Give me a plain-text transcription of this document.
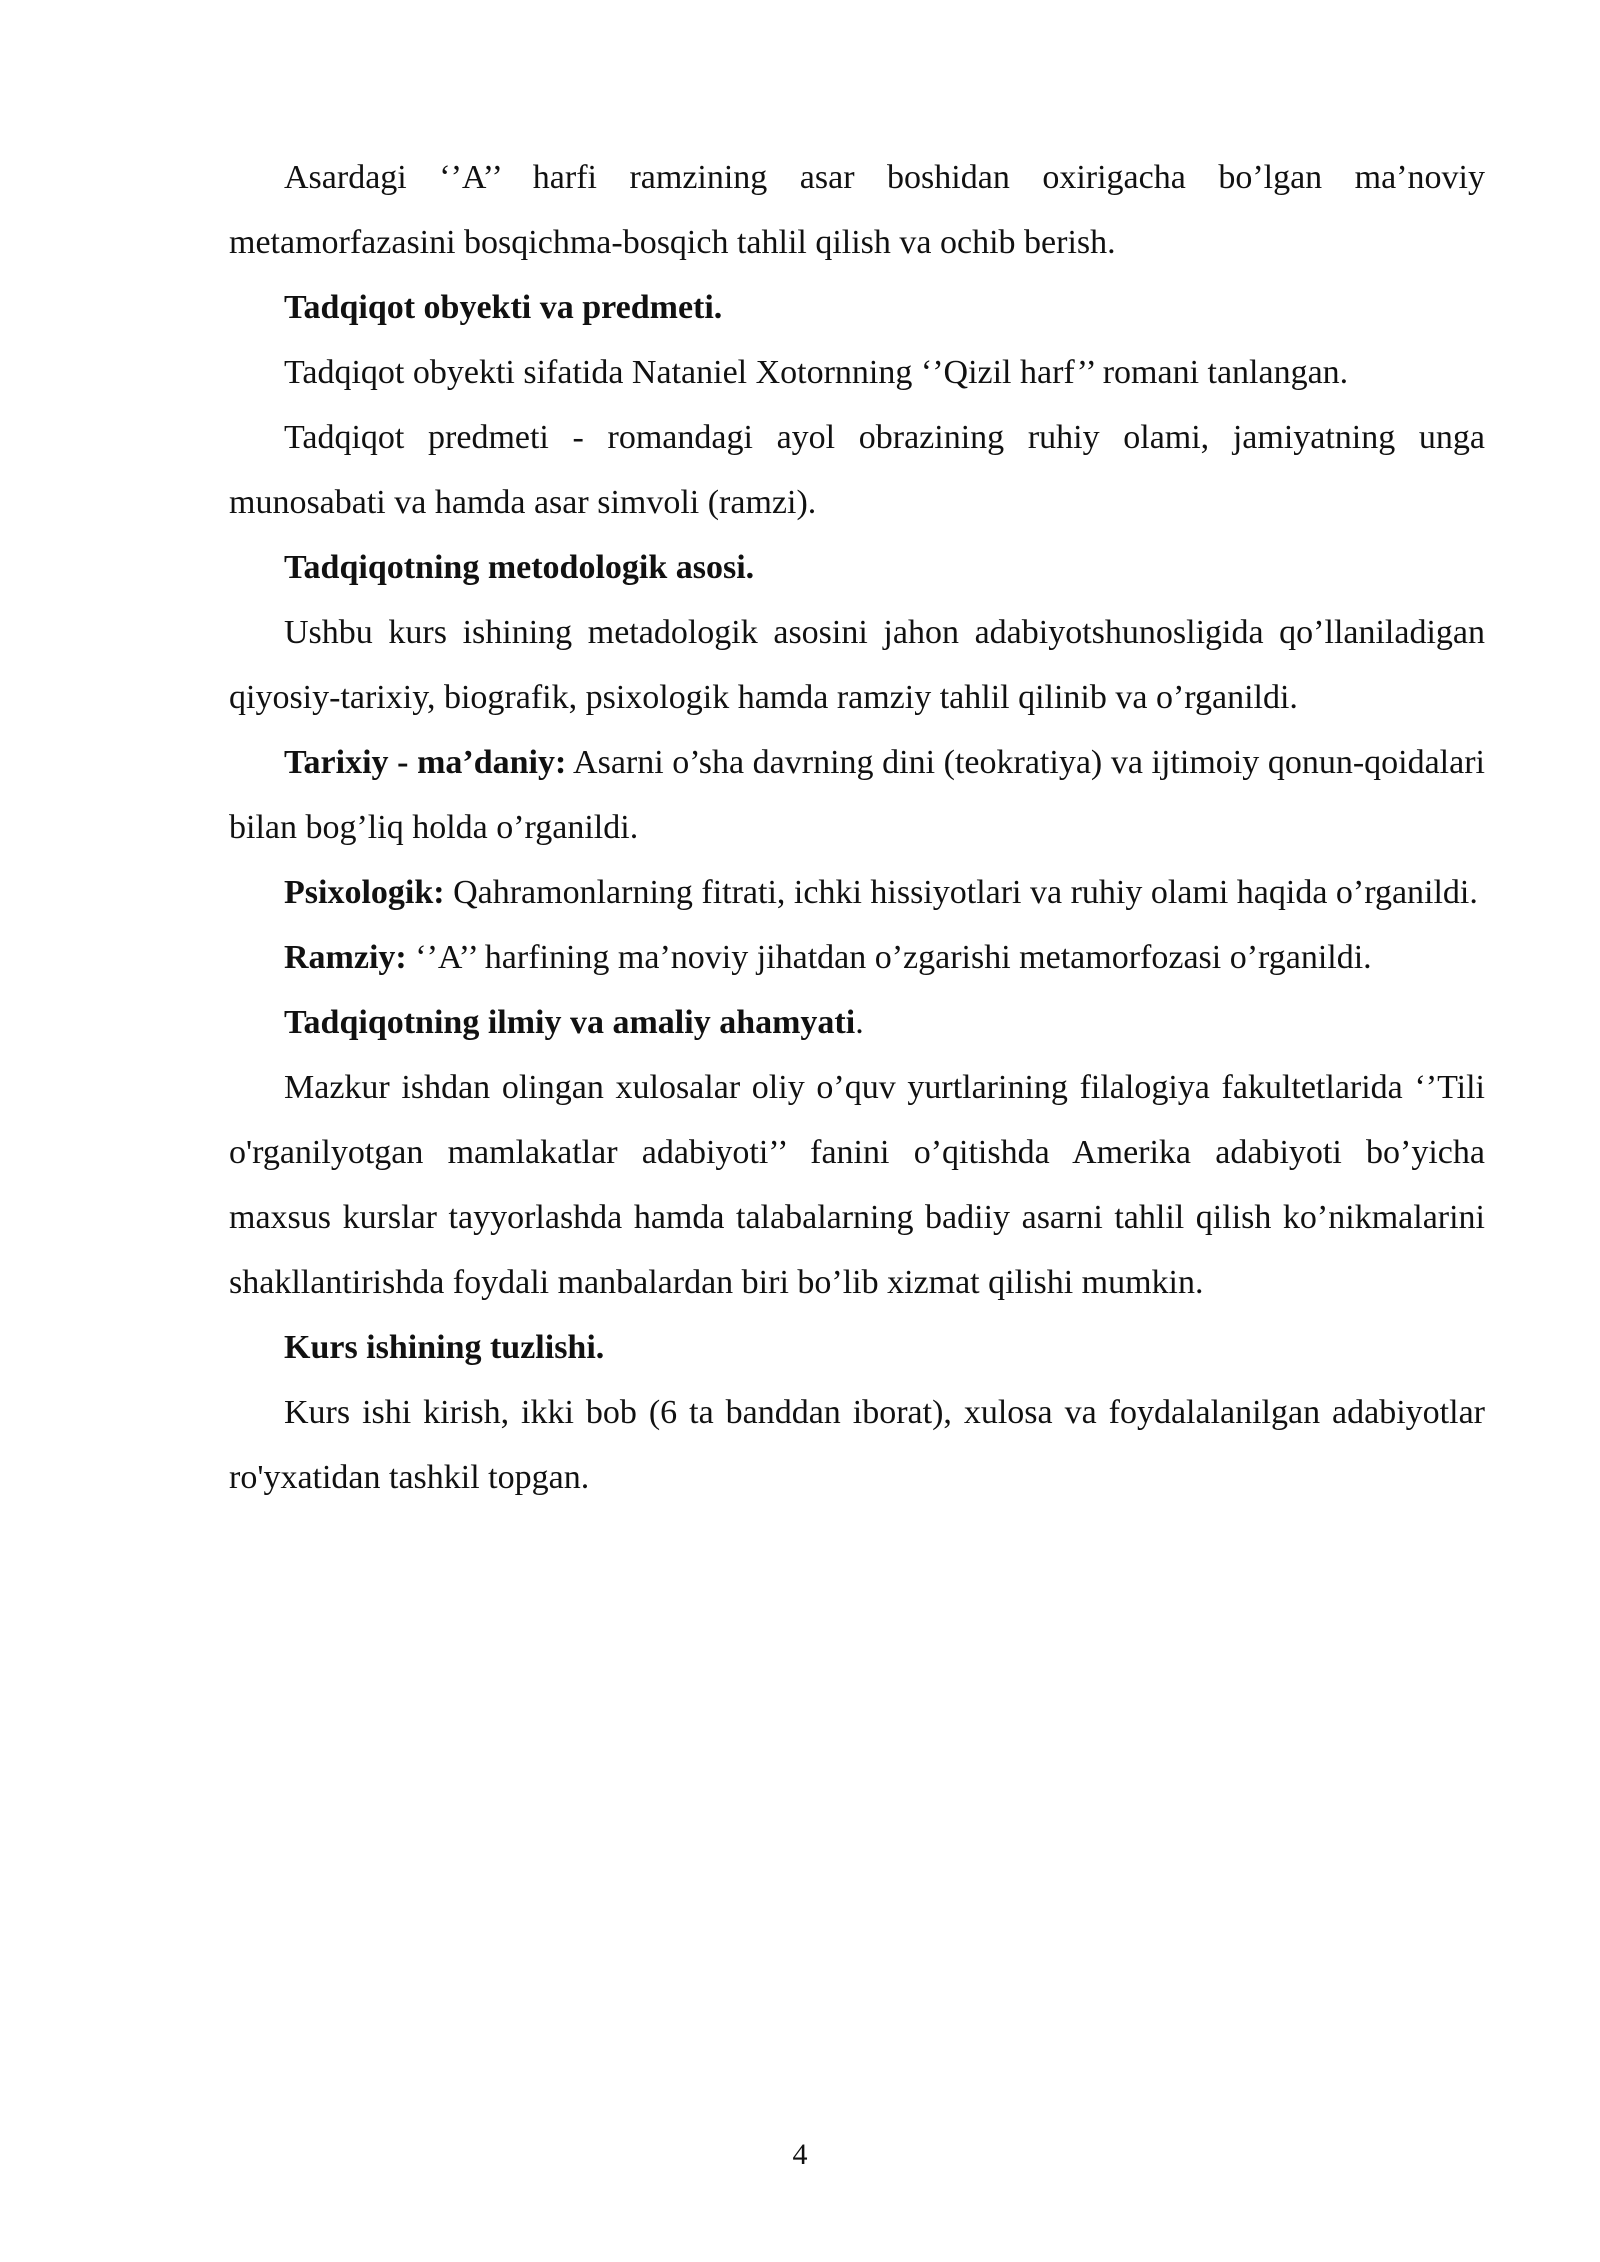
Asardagi ‘’A’’ harfi ramzining asar boshidan oxirigacha bo’lgan ma’noviy metamorfazasini bosqichma-bosqich tahlil qilish va ochib berish.

Tadqiqot obyekti va predmeti.

Tadqiqot obyekti sifatida Nataniel Xotornning ‘’Qizil harf’’ romani tanlangan.

Tadqiqot predmeti - romandagi ayol obrazining ruhiy olami, jamiyatning unga munosabati va hamda asar simvoli (ramzi).

Tadqiqotning metodologik asosi.

Ushbu kurs ishining metadologik asosini jahon adabiyotshunosligida qo’llaniladigan qiyosiy-tarixiy, biografik, psixologik hamda ramziy tahlil qilinib va o’rganildi.

Tarixiy - ma’daniy: Asarni o’sha davrning dini (teokratiya) va ijtimoiy qonun-qoidalari bilan bog’liq holda o’rganildi.

Psixologik: Qahramonlarning fitrati, ichki hissiyotlari va ruhiy olami haqida o’rganildi.

Ramziy: ‘’A’’ harfining ma’noviy jihatdan o’zgarishi metamorfozasi o’rganildi.

Tadqiqotning ilmiy va amaliy ahamyati.

Mazkur ishdan olingan xulosalar oliy o’quv yurtlarining filalogiya fakultetlarida ‘’Tili o'rganilyotgan mamlakatlar adabiyoti’’ fanini o’qitishda Amerika adabiyoti bo’yicha maxsus kurslar tayyorlashda hamda talabalarning badiiy asarni tahlil qilish ko’nikmalarini shakllantirishda foydali manbalardan biri bo’lib xizmat qilishi mumkin.

Kurs ishining tuzlishi.

Kurs ishi kirish, ikki bob (6 ta banddan iborat), xulosa va foydalalanilgan adabiyotlar ro'yxatidan tashkil topgan.

4
